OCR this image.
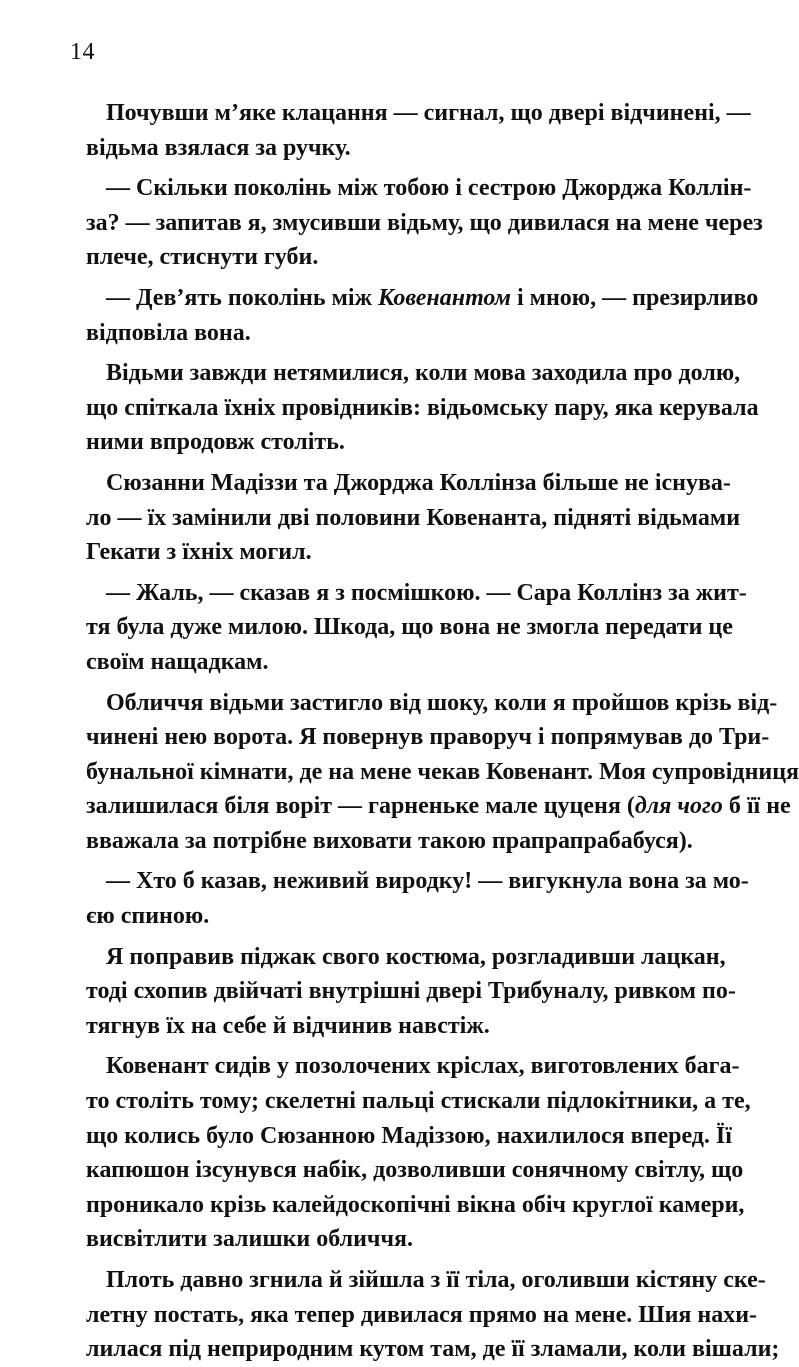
14
Почувши м’яке клацання — сигнал, що двері відчинені, —
відьма взялася за ручку.
— Скільки поколінь між тобою і сестрою Джорджа Коллін-
за? — запитав я, змусивши відьму, що дивилася на мене через
плече, стиснути губи.
— Дев’ять поколінь між Ковенантом і мною, — презирливо
відповіла вона.
Відьми завжди нетямилися, коли мова заходила про долю,
що спіткала їхніх провідників: відьомську пару, яка керувала
ними впродовж століть.
Сюзанни Мадіззи та Джорджа Коллінза більше не існува-
ло — їх замінили дві половини Ковенанта, підняті відьмами
Гекати з їхніх могил.
— Жаль, — сказав я з посмішкою. — Сара Коллінз за жит-
тя була дуже милою. Шкода, що вона не змогла передати це
своїм нащадкам.
Обличчя відьми застигло від шоку, коли я пройшов крізь від-
чинені нею ворота. Я повернув праворуч і попрямував до Три-
бунальної кімнати, де на мене чекав Ковенант. Моя супровідниця
залишилася біля воріт — гарненьке мале цуценя (для чого б її не
вважала за потрібне виховати такою прапрапрабабуся).
— Хто б казав, неживий виродку! — вигукнула вона за мо-
єю спиною.
Я поправив піджак свого костюма, розгладивши лацкан,
тоді схопив двійчаті внутрішні двері Трибуналу, ривком по-
тягнув їх на себе й відчинив навстіж.
Ковенант сидів у позолочених кріслах, виготовлених бага-
то століть тому; скелетні пальці стискали підлокітники, а те,
що колись було Сюзанною Мадіззою, нахилилося вперед. Її
капюшон ізсунувся набік, дозволивши сонячному світлу, що
проникало крізь калейдоскопічні вікна обіч круглої камери,
висвітлити залишки обличчя.
Плоть давно згнила й зійшла з її тіла, оголивши кістяну ске-
летну постать, яка тепер дивилася прямо на мене. Шия нахи-
лилася під неприродним кутом там, де її зламали, коли вішали;
